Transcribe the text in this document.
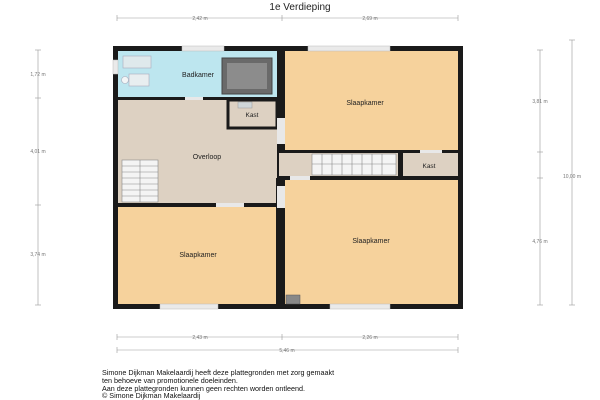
1e Verdieping
2,42 m	2,69 m
1,72 m
4,01 m
3,74 m
3,81 m
4,76 m
10,00 m
2,43 m	2,26 m
5,46 m
Badkamer
Kast
Slaapkamer
Overloop
Kast
Slaapkamer
Slaapkamer
Simone Dijkman Makelaardij heeft deze plattegronden met zorg gemaakt
ten behoeve van promotionele doeleinden.
Aan deze plattegronden kunnen geen rechten worden ontleend.
© Simone Dijkman Makelaardij
